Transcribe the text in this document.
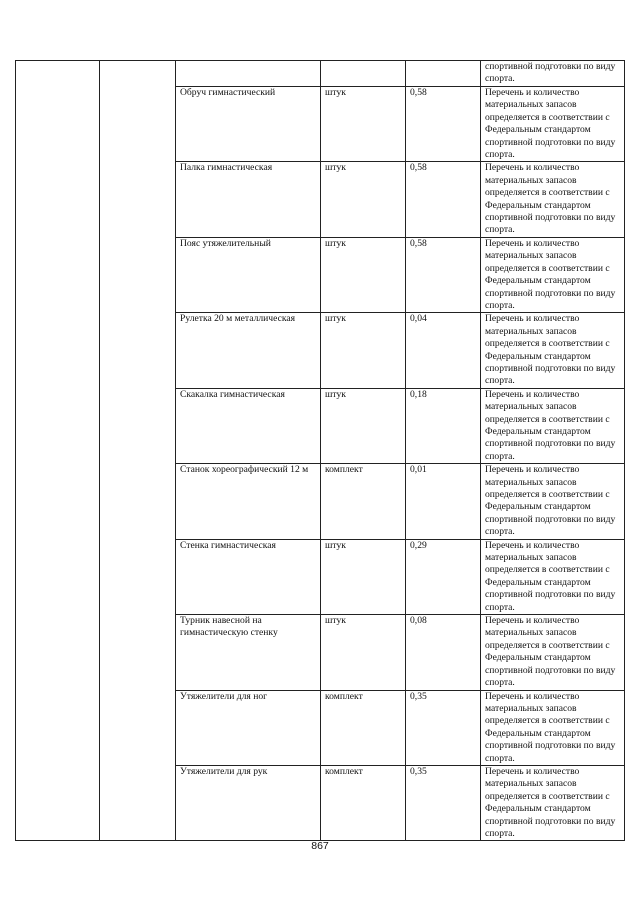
					спортивной подготовки по виду спорта.
		Обруч гимнастический	штук	0,58	Перечень и количество материальных запасов определяется в соответствии с Федеральным стандартом спортивной подготовки по виду спорта.
		Палка гимнастическая	штук	0,58	Перечень и количество материальных запасов определяется в соответствии с Федеральным стандартом спортивной подготовки по виду спорта.
		Пояс утяжелительный	штук	0,58	Перечень и количество материальных запасов определяется в соответствии с Федеральным стандартом спортивной подготовки по виду спорта.
		Рулетка 20 м металлическая	штук	0,04	Перечень и количество материальных запасов определяется в соответствии с Федеральным стандартом спортивной подготовки по виду спорта.
		Скакалка гимнастическая	штук	0,18	Перечень и количество материальных запасов определяется в соответствии с Федеральным стандартом спортивной подготовки по виду спорта.
		Станок хореографический 12 м	комплект	0,01	Перечень и количество материальных запасов определяется в соответствии с Федеральным стандартом спортивной подготовки по виду спорта.
		Стенка гимнастическая	штук	0,29	Перечень и количество материальных запасов определяется в соответствии с Федеральным стандартом спортивной подготовки по виду спорта.
		Турник навесной на гимнастическую стенку	штук	0,08	Перечень и количество материальных запасов определяется в соответствии с Федеральным стандартом спортивной подготовки по виду спорта.
		Утяжелители для ног	комплект	0,35	Перечень и количество материальных запасов определяется в соответствии с Федеральным стандартом спортивной подготовки по виду спорта.
		Утяжелители для рук	комплект	0,35	Перечень и количество материальных запасов определяется в соответствии с Федеральным стандартом спортивной подготовки по виду спорта.
867
